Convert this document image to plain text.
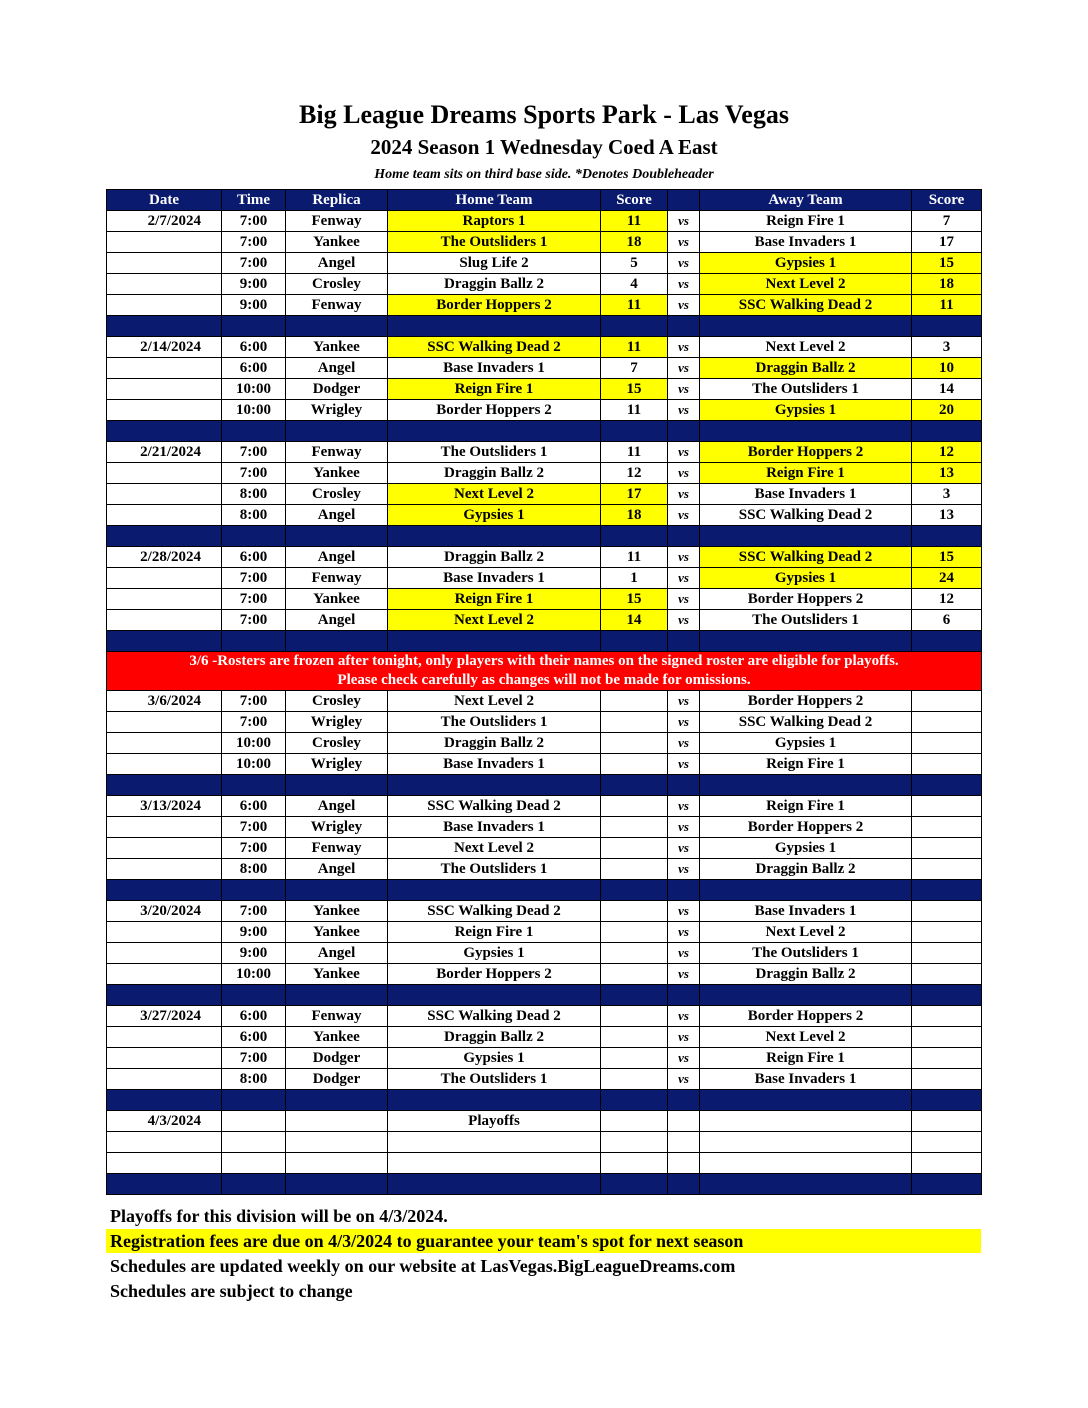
Big League Dreams Sports Park - Las Vegas
2024 Season 1 Wednesday Coed A East
Home team sits on third base side. *Denotes Doubleheader
Date	Time	Replica	Home Team	Score		Away Team	Score
2/7/2024	7:00	Fenway	Raptors 1	11	vs	Reign Fire 1	7
	7:00	Yankee	The Outsliders 1	18	vs	Base Invaders 1	17
	7:00	Angel	Slug Life 2	5	vs	Gypsies 1	15
	9:00	Crosley	Draggin Ballz 2	4	vs	Next Level 2	18
	9:00	Fenway	Border Hoppers 2	11	vs	SSC Walking Dead 2	11

2/14/2024	6:00	Yankee	SSC Walking Dead 2	11	vs	Next Level 2	3
	6:00	Angel	Base Invaders 1	7	vs	Draggin Ballz 2	10
	10:00	Dodger	Reign Fire 1	15	vs	The Outsliders 1	14
	10:00	Wrigley	Border Hoppers 2	11	vs	Gypsies 1	20

2/21/2024	7:00	Fenway	The Outsliders 1	11	vs	Border Hoppers 2	12
	7:00	Yankee	Draggin Ballz 2	12	vs	Reign Fire 1	13
	8:00	Crosley	Next Level 2	17	vs	Base Invaders 1	3
	8:00	Angel	Gypsies 1	18	vs	SSC Walking Dead 2	13

2/28/2024	6:00	Angel	Draggin Ballz 2	11	vs	SSC Walking Dead 2	15
	7:00	Fenway	Base Invaders 1	1	vs	Gypsies 1	24
	7:00	Yankee	Reign Fire 1	15	vs	Border Hoppers 2	12
	7:00	Angel	Next Level 2	14	vs	The Outsliders 1	6

3/6 -Rosters are frozen after tonight, only players with their names on the signed roster are eligible for playoffs.
Please check carefully as changes will not be made for omissions.							

3/6/2024	7:00	Crosley	Next Level 2		vs	Border Hoppers 2	
	7:00	Wrigley	The Outsliders 1		vs	SSC Walking Dead 2	
	10:00	Crosley	Draggin Ballz 2		vs	Gypsies 1	
	10:00	Wrigley	Base Invaders 1		vs	Reign Fire 1	

3/13/2024	6:00	Angel	SSC Walking Dead 2		vs	Reign Fire 1	
	7:00	Wrigley	Base Invaders 1		vs	Border Hoppers 2	
	7:00	Fenway	Next Level 2		vs	Gypsies 1	
	8:00	Angel	The Outsliders 1		vs	Draggin Ballz 2	

3/20/2024	7:00	Yankee	SSC Walking Dead 2		vs	Base Invaders 1	
	9:00	Yankee	Reign Fire 1		vs	Next Level 2	
	9:00	Angel	Gypsies 1		vs	The Outsliders 1	
	10:00	Yankee	Border Hoppers 2		vs	Draggin Ballz 2	

3/27/2024	6:00	Fenway	SSC Walking Dead 2		vs	Border Hoppers 2	
	6:00	Yankee	Draggin Ballz 2		vs	Next Level 2	
	7:00	Dodger	Gypsies 1		vs	Reign Fire 1	
	8:00	Dodger	The Outsliders 1		vs	Base Invaders 1	

4/3/2024			Playoffs				

Playoffs for this division will be on 4/3/2024.
Registration fees are due on 4/3/2024 to guarantee your team's spot for next season
Schedules are updated weekly on our website at LasVegas.BigLeagueDreams.com
Schedules are subject to change
